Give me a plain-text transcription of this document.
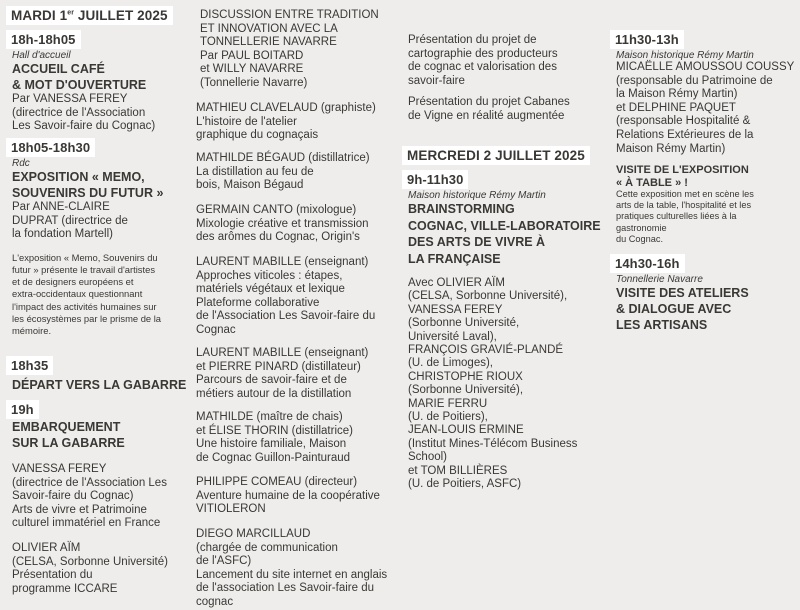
MARDI 1er JUILLET 2025
18h-18h05
Hall d'accueil
ACCUEIL CAFÉ
& MOT D'OUVERTURE
Par VANESSA FEREY
(directrice de l'Association
Les Savoir-faire du Cognac)
18h05-18h30
Rdc
EXPOSITION « MEMO,
SOUVENIRS DU FUTUR »
Par ANNE-CLAIRE
DUPRAT (directrice de
la fondation Martell)
L'exposition « Memo, Souvenirs du
futur » présente le travail d'artistes
et de designers européens et
extra-occidentaux questionnant
l'impact des activités humaines sur
les écosystèmes par le prisme de la
mémoire.
18h35
DÉPART VERS LA GABARRE
19h
EMBARQUEMENT
SUR LA GABARRE
VANESSA FEREY
(directrice de l'Association Les
Savoir-faire du Cognac)
Arts de vivre et Patrimoine
culturel immatériel en France
OLIVIER AÏM
(CELSA, Sorbonne Université)
Présentation du
programme ICCARE
DISCUSSION ENTRE TRADITION
ET INNOVATION AVEC LA
TONNELLERIE NAVARRE
Par PAUL BOITARD
et WILLY NAVARRE
(Tonnellerie Navarre)
MATHIEU CLAVELAUD (graphiste)
L'histoire de l'atelier
graphique du cognaçais
MATHILDE BÉGAUD (distillatrice)
La distillation au feu de
bois, Maison Bégaud
GERMAIN CANTO (mixologue)
Mixologie créative et transmission
des arômes du Cognac, Origin's
LAURENT MABILLE (enseignant)
Approches viticoles : étapes,
matériels végétaux et lexique
Plateforme collaborative
de l'Association Les Savoir-faire du
Cognac
LAURENT MABILLE (enseignant)
et PIERRE PINARD (distillateur)
Parcours de savoir-faire et de
métiers autour de la distillation
MATHILDE (maître de chais)
et ÉLISE THORIN (distillatrice)
Une histoire familiale, Maison
de Cognac Guillon-Painturaud
PHILIPPE COMEAU (directeur)
Aventure humaine de la coopérative
VITIOLERON
DIEGO MARCILLAUD
(chargée de communication
de l'ASFC)
Lancement du site internet en anglais
de l'association Les Savoir-faire du
cognac
Présentation du projet de
cartographie des producteurs
de cognac et valorisation des
savoir-faire
Présentation du projet Cabanes
de Vigne en réalité augmentée
MERCREDI 2 JUILLET 2025
9h-11h30
Maison historique Rémy Martin
BRAINSTORMING
COGNAC, VILLE-LABORATOIRE
DES ARTS DE VIVRE À
LA FRANÇAISE
Avec OLIVIER AÏM
(CELSA, Sorbonne Université),
VANESSA FEREY
(Sorbonne Université,
Université Laval),
FRANÇOIS GRAVIÉ-PLANDÉ
(U. de Limoges),
CHRISTOPHE RIOUX
(Sorbonne Université),
MARIE FERRU
(U. de Poitiers),
JEAN-LOUIS ERMINE
(Institut Mines-Télécom Business
School)
et TOM BILLIÈRES
(U. de Poitiers, ASFC)
11h30-13h
Maison historique Rémy Martin
MICAËLLE AMOUSSOU COUSSY
(responsable du Patrimoine de
la Maison Rémy Martin)
et DELPHINE PAQUET
(responsable Hospitalité &
Relations Extérieures de la
Maison Rémy Martin)
VISITE DE L'EXPOSITION
« À TABLE » !
Cette exposition met en scène les
arts de la table, l'hospitalité et les
pratiques culturelles liées à la
gastronomie
du Cognac.
14h30-16h
Tonnellerie Navarre
VISITE DES ATELIERS
& DIALOGUE AVEC
LES ARTISANS
